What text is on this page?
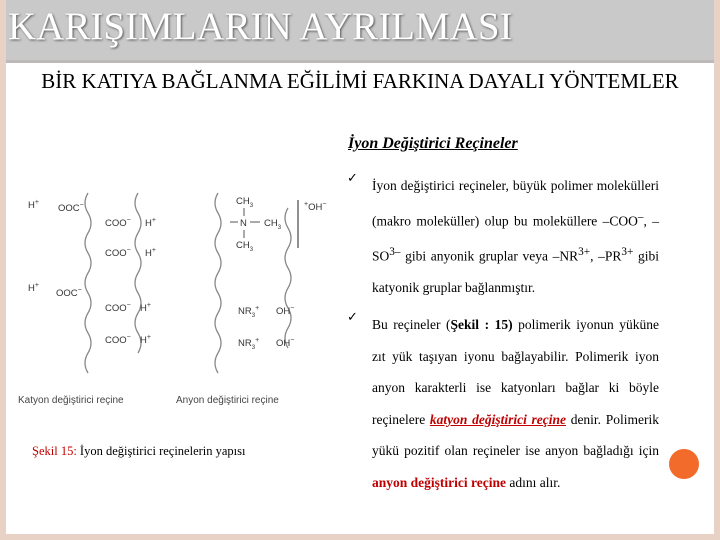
KARIŞIMLARIN AYRILMASI
BİR KATIYA BAĞLANMA EĞİLİMİ FARKINA DAYALI YÖNTEMLER
İyon Değiştirici Reçineler
✓

İyon değiştirici reçineler, büyük polimer molekülleri (makro moleküller) olup bu moleküllere –COO–, $-SO^{3-}$ gibi anyonik gruplar veya $-NR^{3+}$, $-PR^{3+}$ gibi katyonik gruplar bağlanmıştır.

✓

Bu reçineler (Şekil : 15) polimerik iyonun yüküne zıt yük taşıyan iyonu bağlayabilir. Polimerik iyon anyon karakterli ise katyonları bağlar ki böyle reçinelere katyon değiştirici reçine denir. Polimerik yükü pozitif olan reçineler ise anyon bağladığı için anyon değiştirici reçine adını alır.

H+
OOC−
COO− H+
COO− H+
H+
OOC−
COO− H+
COO− H+
$CH_3$
N $CH_3$
$CH_3$
+OH−
$NR_3^+$ OH−
$NR_3^+$ OH−
Katyon değiştirici reçine	Anyon değiştirici reçine
Şekil 15: İyon değiştirici reçinelerin yapısı
